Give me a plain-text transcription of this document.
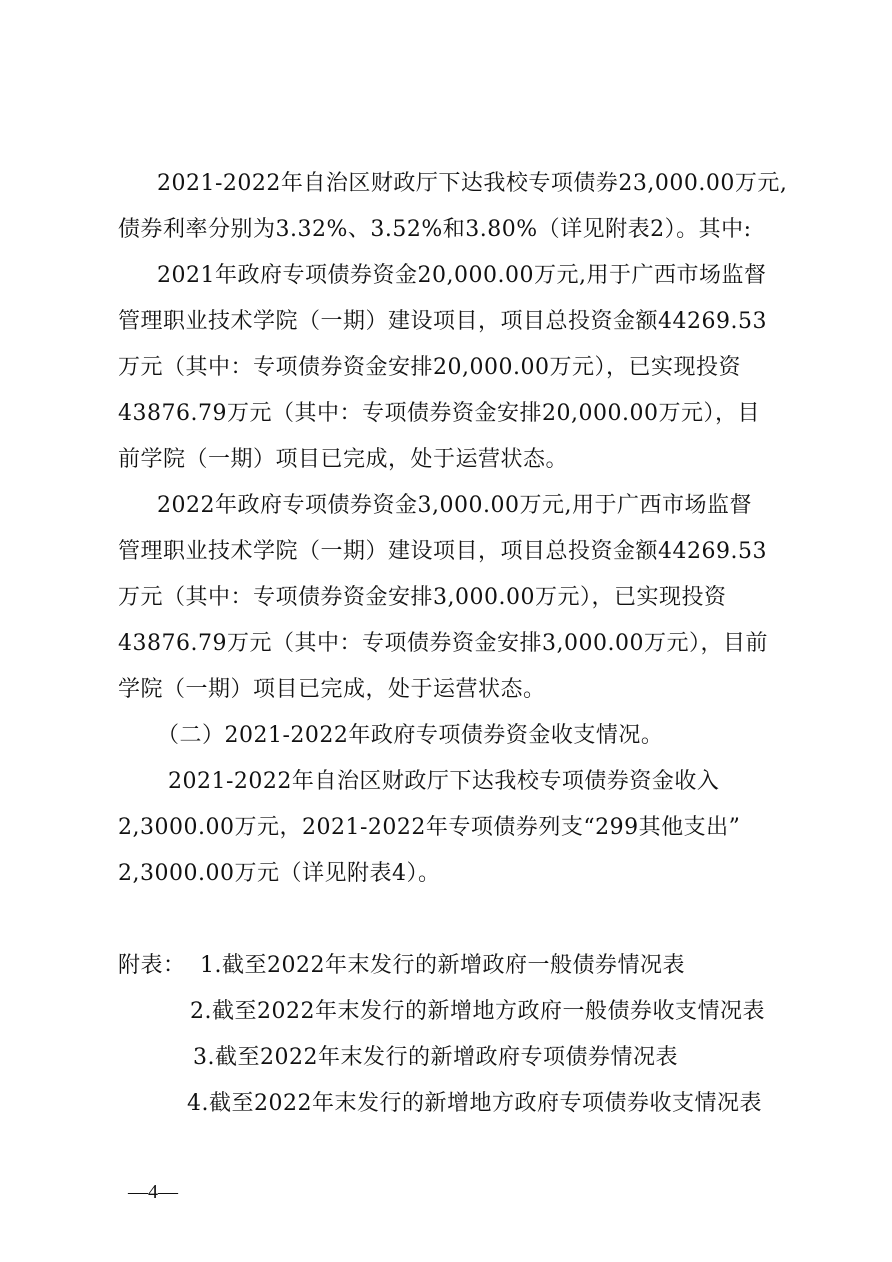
2021-2022年自治区财政厅下达我校专项债券23,000.00万元,
债券利率分别为3.32%、3.52%和3.80%（详见附表2）。其中:
2021年政府专项债券资金20,000.00万元,用于广西市场监督
管理职业技术学院（一期）建设项目，项目总投资金额44269.53
万元（其中：专项债券资金安排20,000.00万元），已实现投资
43876.79万元（其中：专项债券资金安排20,000.00万元），目
前学院（一期）项目已完成，处于运营状态。
2022年政府专项债券资金3,000.00万元,用于广西市场监督
管理职业技术学院（一期）建设项目，项目总投资金额44269.53
万元（其中：专项债券资金安排3,000.00万元），已实现投资
43876.79万元（其中：专项债券资金安排3,000.00万元），目前
学院（一期）项目已完成，处于运营状态。
（二）2021-2022年政府专项债券资金收支情况。
2021-2022年自治区财政厅下达我校专项债券资金收入
2,3000.00万元，2021-2022年专项债券列支“299其他支出”
2,3000.00万元（详见附表4）。
附表： 1.截至2022年末发行的新增政府一般债券情况表
2.截至2022年末发行的新增地方政府一般债券收支情况表
3.截至2022年末发行的新增政府专项债券情况表
4.截至2022年末发行的新增地方政府专项债券收支情况表
—4—
